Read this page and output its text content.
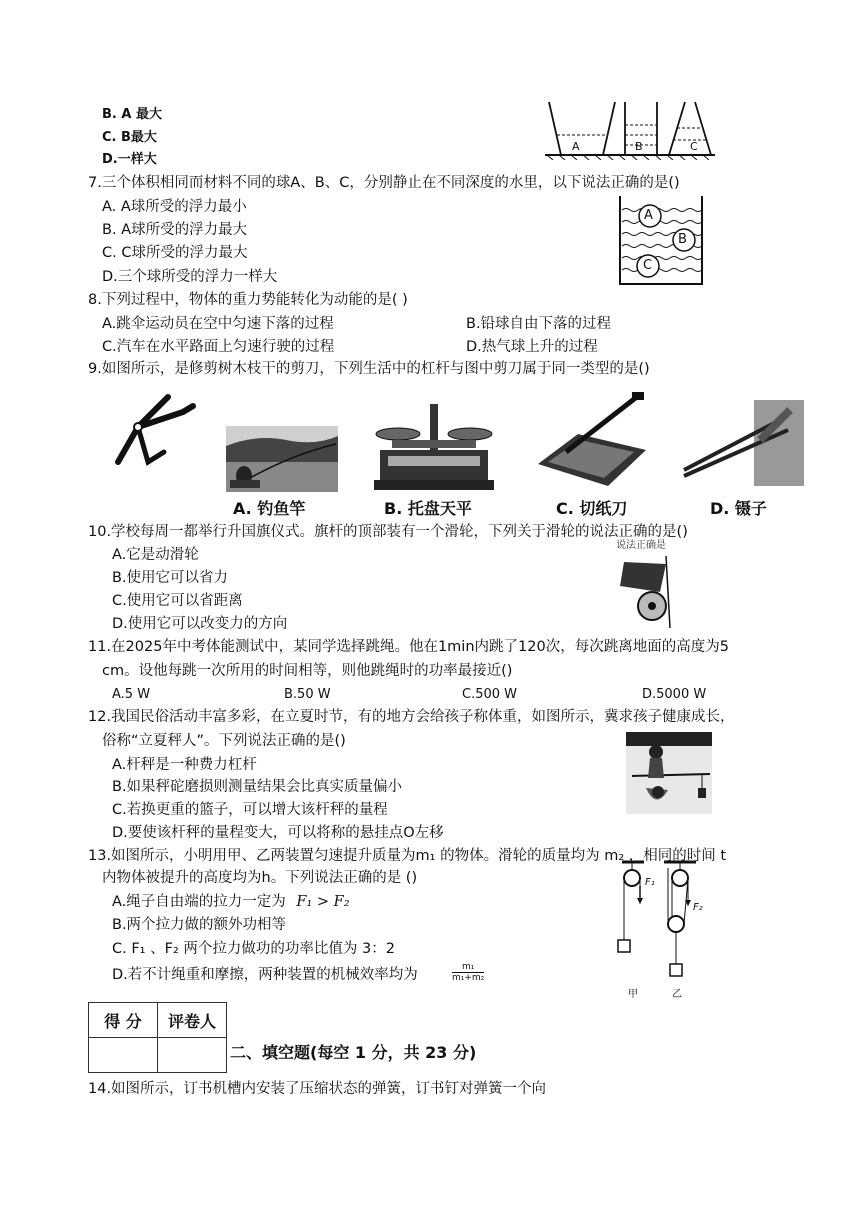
B. A 最大
C. B最大
D.一样大
A	B	C
7.三个体积相同而材料不同的球A、B、C，分别静止在不同深度的水里，以下说法正确的是()
A. A球所受的浮力最小
B. A球所受的浮力最大
C. C球所受的浮力最大
D.三个球所受的浮力一样大
A
B
C
8.下列过程中，物体的重力势能转化为动能的是( )
A.跳伞运动员在空中匀速下落的过程	B.铅球自由下落的过程
C.汽车在水平路面上匀速行驶的过程	D.热气球上升的过程
9.如图所示，是修剪树木枝干的剪刀，下列生活中的杠杆与图中剪刀属于同一类型的是()
A. 钓鱼竿	B. 托盘天平	C. 切纸刀	D. 镊子
10.学校每周一都举行升国旗仪式。旗杆的顶部装有一个滑轮，下列关于滑轮的说法正确的是()
A.它是动滑轮
B.使用它可以省力
C.使用它可以省距离
D.使用它可以改变力的方向
说法正确是
11.在2025年中考体能测试中，某同学选择跳绳。他在1min内跳了120次，每次跳离地面的高度为5
cm。设他每跳一次所用的时间相等，则他跳绳时的功率最接近()
A.5 W	B.50 W	C.500 W	D.5000 W
12.我国民俗活动丰富多彩，在立夏时节，有的地方会给孩子称体重，如图所示，冀求孩子健康成长，
俗称“立夏秤人”。下列说法正确的是()
A.杆秤是一种费力杠杆
B.如果秤砣磨损则测量结果会比真实质量偏小
C.若换更重的篮子，可以增大该杆秤的量程
D.要使该杆秤的量程变大，可以将称的悬挂点O左移
13.如图所示，小明用甲、乙两装置匀速提升质量为m₁ 的物体。滑轮的质量均为 m₂ ，相同的时间 t
内物体被提升的高度均为h。下列说法正确的是 ()
A.绳子自由端的拉力一定为 F₁ > F₂
B.两个拉力做的额外功相等
C. F₁ 、F₂ 两个拉力做功的功率比值为 3：2
D.若不计绳重和摩擦，两种装置的机械效率均为	$\frac{\text{m₁}}{\text{m₁+m₂}}$
F₁
F₂
甲	乙
得 分	评卷人

二、填空题(每空 1 分，共 23 分)
14.如图所示，订书机槽内安装了压缩状态的弹簧，订书钉对弹簧一个向
